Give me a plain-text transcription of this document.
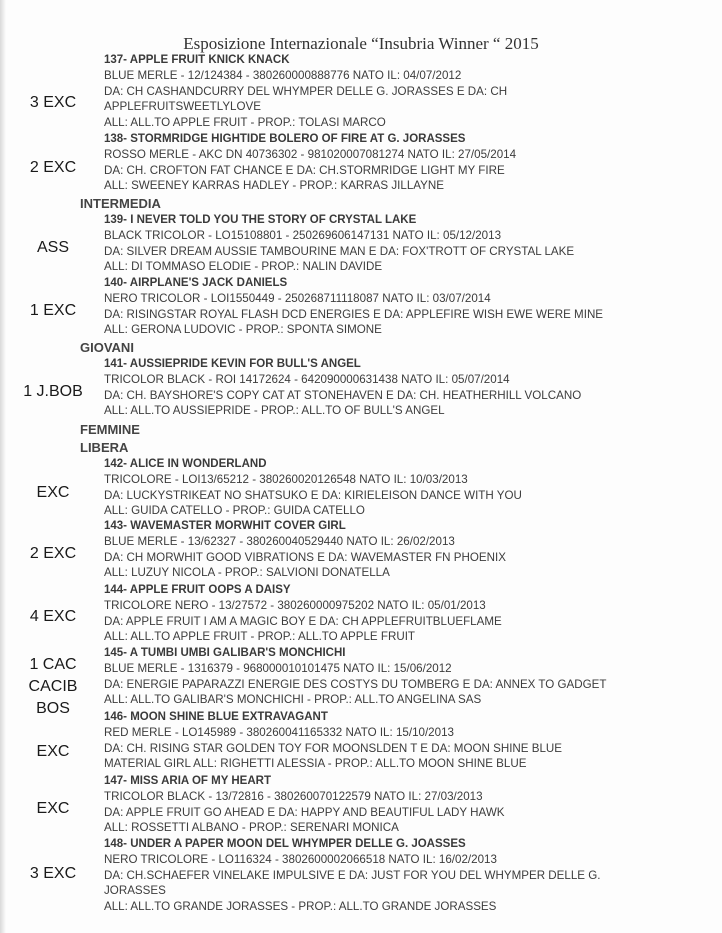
Esposizione Internazionale “Insubria Winner “ 2015
3 EXC
137- APPLE FRUIT KNICK KNACK
BLUE MERLE - 12/124384 - 380260000888776 NATO IL: 04/07/2012
DA: CH CASHANDCURRY DEL WHYMPER DELLE G. JORASSES E DA: CH
APPLEFRUITSWEETLYLOVE
ALL: ALL.TO APPLE FRUIT - PROP.: TOLASI MARCO
2 EXC
138- STORMRIDGE HIGHTIDE BOLERO OF FIRE AT G. JORASSES
ROSSO MERLE - AKC DN 40736302 - 981020007081274 NATO IL: 27/05/2014
DA: CH. CROFTON FAT CHANCE E DA: CH.STORMRIDGE LIGHT MY FIRE
ALL: SWEENEY KARRAS HADLEY - PROP.: KARRAS JILLAYNE
INTERMEDIA
ASS
139- I NEVER TOLD YOU THE STORY OF CRYSTAL LAKE
BLACK TRICOLOR - LO15108801 - 250269606147131 NATO IL: 05/12/2013
DA: SILVER DREAM AUSSIE TAMBOURINE MAN E DA: FOX'TROTT OF CRYSTAL LAKE
ALL: DI TOMMASO ELODIE - PROP.: NALIN DAVIDE
1 EXC
140- AIRPLANE'S JACK DANIELS
NERO TRICOLOR - LOI1550449 - 250268711118087 NATO IL: 03/07/2014
DA: RISINGSTAR ROYAL FLASH DCD ENERGIES E DA: APPLEFIRE WISH EWE WERE MINE
ALL: GERONA LUDOVIC - PROP.: SPONTA SIMONE
GIOVANI
1 J.BOB
141- AUSSIEPRIDE KEVIN FOR BULL'S ANGEL
TRICOLOR BLACK - ROI 14172624 - 642090000631438 NATO IL: 05/07/2014
DA: CH. BAYSHORE'S COPY CAT AT STONEHAVEN E DA: CH. HEATHERHILL VOLCANO
ALL: ALL.TO AUSSIEPRIDE - PROP.: ALL.TO OF BULL'S ANGEL
FEMMINE
LIBERA
EXC
142- ALICE IN WONDERLAND
TRICOLORE - LOI13/65212 - 380260020126548 NATO IL: 10/03/2013
DA: LUCKYSTRIKEAT NO SHATSUKO E DA: KIRIELEISON DANCE WITH YOU
ALL: GUIDA CATELLO - PROP.: GUIDA CATELLO
2 EXC
143- WAVEMASTER MORWHIT COVER GIRL
BLUE MERLE - 13/62327 - 380260040529440 NATO IL: 26/02/2013
DA: CH MORWHIT GOOD VIBRATIONS E DA: WAVEMASTER FN PHOENIX
ALL: LUZUY NICOLA - PROP.: SALVIONI DONATELLA
4 EXC
144- APPLE FRUIT OOPS A DAISY
TRICOLORE NERO - 13/27572 - 380260000975202 NATO IL: 05/01/2013
DA: APPLE FRUIT I AM A MAGIC BOY E DA: CH APPLEFRUITBLUEFLAME
ALL: ALL.TO APPLE FRUIT - PROP.: ALL.TO APPLE FRUIT
1 CAC
CACIB
BOS
145- A TUMBI UMBI GALIBAR'S MONCHICHI
BLUE MERLE - 1316379 - 968000010101475 NATO IL: 15/06/2012
DA: ENERGIE PAPARAZZI ENERGIE DES COSTYS DU TOMBERG E DA: ANNEX TO GADGET
ALL: ALL.TO GALIBAR'S MONCHICHI - PROP.: ALL.TO ANGELINA SAS
EXC
146- MOON SHINE BLUE EXTRAVAGANT
RED MERLE - LO145989 - 380260041165332 NATO IL: 15/10/2013
DA: CH. RISING STAR GOLDEN TOY FOR MOONSLDEN T E DA: MOON SHINE BLUE
MATERIAL GIRL ALL: RIGHETTI ALESSIA - PROP.: ALL.TO MOON SHINE BLUE
EXC
147- MISS ARIA OF MY HEART
TRICOLOR BLACK - 13/72816 - 380260070122579 NATO IL: 27/03/2013
DA: APPLE FRUIT GO AHEAD E DA: HAPPY AND BEAUTIFUL LADY HAWK
ALL: ROSSETTI ALBANO - PROP.: SERENARI MONICA
3 EXC
148- UNDER A PAPER MOON DEL WHYMPER DELLE G. JOASSES
NERO TRICOLORE - LO116324 - 3802600002066518 NATO IL: 16/02/2013
DA: CH.SCHAEFER VINELAKE IMPULSIVE E DA: JUST FOR YOU DEL WHYMPER DELLE G.
JORASSES
ALL: ALL.TO GRANDE JORASSES - PROP.: ALL.TO GRANDE JORASSES
